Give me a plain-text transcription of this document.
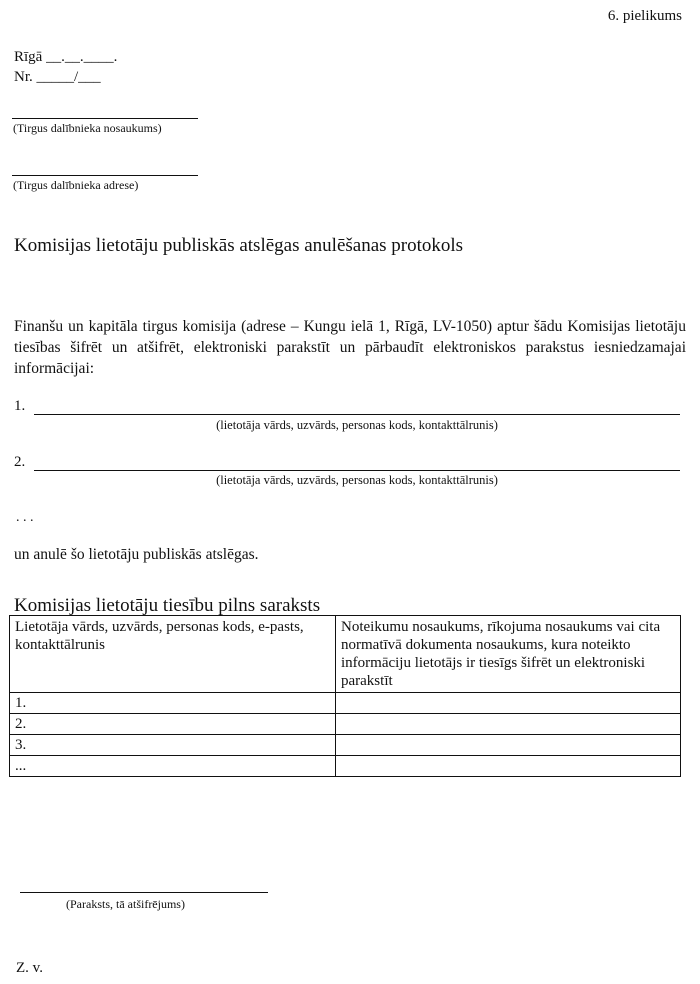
6. pielikums
Rīgā __.__.____.
Nr. _____/___
(Tirgus dalībnieka nosaukums)
(Tirgus dalībnieka adrese)
Komisijas lietotāju publiskās atslēgas anulēšanas protokols
Finanšu un kapitāla tirgus komisija (adrese – Kungu ielā 1, Rīgā, LV-1050) aptur šādu Komisijas lietotāju tiesības šifrēt un atšifrēt, elektroniski parakstīt un pārbaudīt elektroniskos parakstus iesniedzamajai informācijai:
1.
(lietotāja vārds, uzvārds, personas kods, kontakttālrunis)
2.
(lietotāja vārds, uzvārds, personas kods, kontakttālrunis)
. . .
un anulē šo lietotāju publiskās atslēgas.
Komisijas lietotāju tiesību pilns saraksts
Lietotāja vārds, uzvārds, personas kods, e-pasts, kontakttālrunis	Noteikumu nosaukums, rīkojuma nosaukums vai cita normatīvā dokumenta nosaukums, kura noteikto informāciju lietotājs ir tiesīgs šifrēt un elektroniski parakstīt
1.	
2.	
3.	
...	
(Paraksts, tā atšifrējums)
Z. v.
